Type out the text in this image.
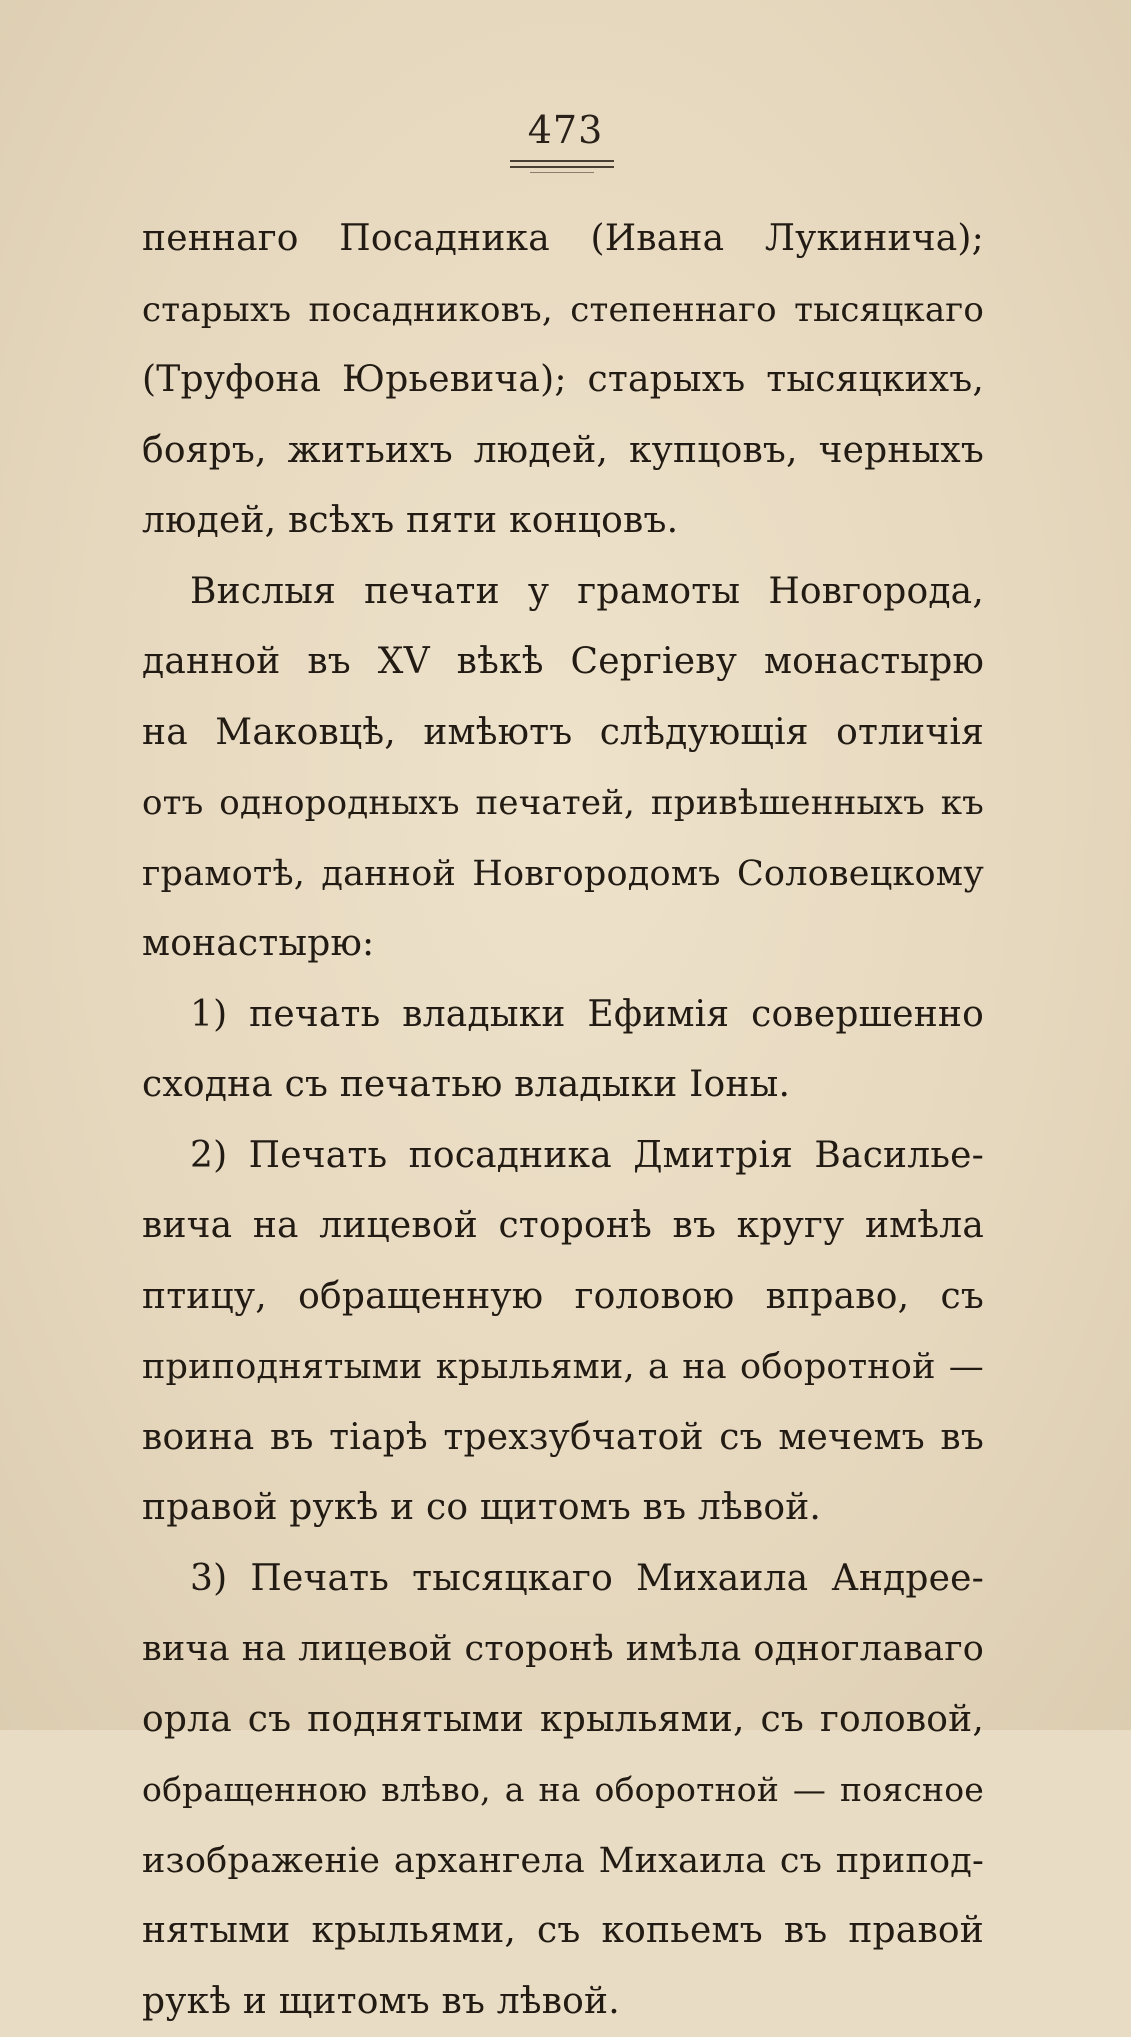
473
пеннаго Посадника (Ивана Лукинича);
старыхъ посадниковъ, степеннаго тысяцкаго
(Труфона Юрьевича); старыхъ тысяцкихъ,
бояръ, житьихъ людей, купцовъ, черныхъ
людей, всѣхъ пяти концовъ.
Вислыя печати у грамоты Новгорода,
данной въ XV вѣкѣ Сергіеву монастырю
на Маковцѣ, имѣютъ слѣдующія отличія
отъ однородныхъ печатей, привѣшенныхъ къ
грамотѣ, данной Новгородомъ Соловецкому
монастырю:
1) печать владыки Ефимія совершенно
сходна съ печатью владыки Іоны.
2) Печать посадника Дмитрія Василье-
вича на лицевой сторонѣ въ кругу имѣла
птицу, обращенную головою вправо, съ
приподнятыми крыльями, а на оборотной —
воина въ тіарѣ трехзубчатой съ мечемъ въ
правой рукѣ и со щитомъ въ лѣвой.
3) Печать тысяцкаго Михаила Андрее-
вича на лицевой сторонѣ имѣла одноглаваго
орла съ поднятыми крыльями, съ головой,
обращенною влѣво, а на оборотной — поясное
изображеніе архангела Михаила съ припод-
нятыми крыльями, съ копьемъ въ правой
рукѣ и щитомъ въ лѣвой.
